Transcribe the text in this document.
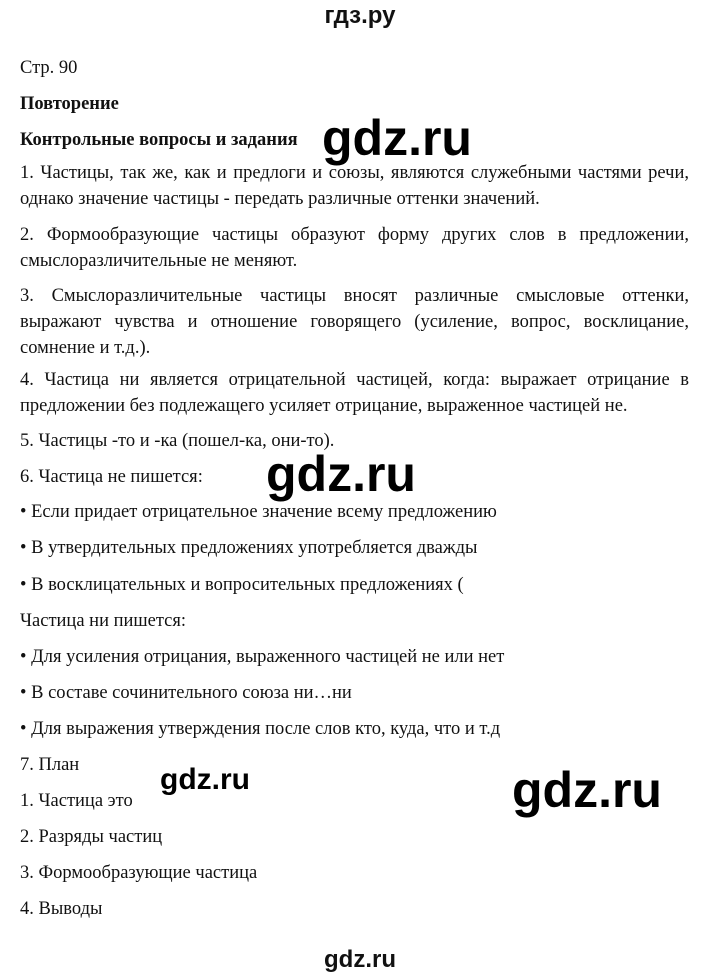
гдз.ру
Стр. 90
Повторение
Контрольные вопросы и задания
1. Частицы, так же, как и предлоги и союзы, являются служебными частями речи, однако значение частицы - передать различные оттенки значений.
2. Формообразующие частицы образуют форму других слов в предложении, смыслоразличительные не меняют.
3. Смыслоразличительные частицы вносят различные смысловые оттенки, выражают чувства и отношение говорящего (усиление, вопрос, восклицание, сомнение и т.д.).
4. Частица ни является отрицательной частицей, когда: выражает отрицание в предложении без подлежащего усиляет отрицание, выраженное частицей не.
5. Частицы -то и -ка (пошел-ка, они-то).
6. Частица не пишется:
• Если придает отрицательное значение всему предложению
• В утвердительных предложениях употребляется дважды
• В восклицательных и вопросительных предложениях (
Частица ни пишется:
• Для усиления отрицания, выраженного частицей не или нет
• В составе сочинительного союза ни…ни
• Для выражения утверждения после слов кто, куда, что и т.д
7. План
1. Частица это
2. Разряды частиц
3. Формообразующие частица
4. Выводы
gdz.ru
gdz.ru
gdz.ru	gdz.ru
gdz.ru
